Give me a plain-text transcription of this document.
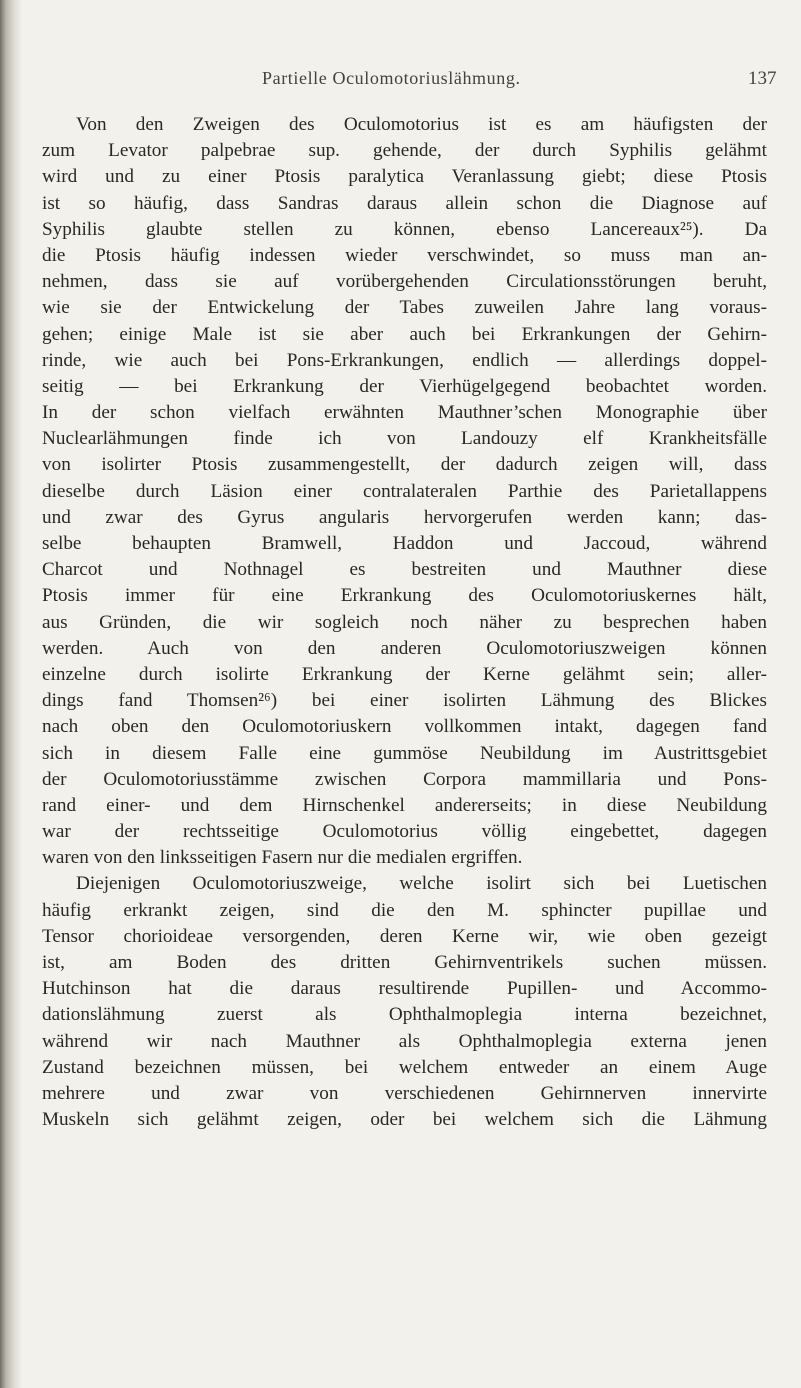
Partielle Oculomotoriuslähmung.	137
Von den Zweigen des Oculomotorius ist es am häufigsten der
zum Levator palpebrae sup. gehende, der durch Syphilis gelähmt
wird und zu einer Ptosis paralytica Veranlassung giebt; diese Ptosis
ist so häufig, dass Sandras daraus allein schon die Diagnose auf
Syphilis glaubte stellen zu können, ebenso Lancereaux²⁵). Da
die Ptosis häufig indessen wieder verschwindet, so muss man an-
nehmen, dass sie auf vorübergehenden Circulationsstörungen beruht,
wie sie der Entwickelung der Tabes zuweilen Jahre lang voraus-
gehen; einige Male ist sie aber auch bei Erkrankungen der Gehirn-
rinde, wie auch bei Pons-Erkrankungen, endlich — allerdings doppel-
seitig — bei Erkrankung der Vierhügelgegend beobachtet worden.
In der schon vielfach erwähnten Mauthner’schen Monographie über
Nuclearlähmungen finde ich von Landouzy elf Krankheitsfälle
von isolirter Ptosis zusammengestellt, der dadurch zeigen will, dass
dieselbe durch Läsion einer contralateralen Parthie des Parietallappens
und zwar des Gyrus angularis hervorgerufen werden kann; das-
selbe behaupten Bramwell, Haddon und Jaccoud, während
Charcot und Nothnagel es bestreiten und Mauthner diese
Ptosis immer für eine Erkrankung des Oculomotoriuskernes hält,
aus Gründen, die wir sogleich noch näher zu besprechen haben
werden. Auch von den anderen Oculomotoriuszweigen können
einzelne durch isolirte Erkrankung der Kerne gelähmt sein; aller-
dings fand Thomsen²⁶) bei einer isolirten Lähmung des Blickes
nach oben den Oculomotoriuskern vollkommen intakt, dagegen fand
sich in diesem Falle eine gummöse Neubildung im Austrittsgebiet
der Oculomotoriusstämme zwischen Corpora mammillaria und Pons-
rand einer- und dem Hirnschenkel andererseits; in diese Neubildung
war der rechtsseitige Oculomotorius völlig eingebettet, dagegen
waren von den linksseitigen Fasern nur die medialen ergriffen.
Diejenigen Oculomotoriuszweige, welche isolirt sich bei Luetischen
häufig erkrankt zeigen, sind die den M. sphincter pupillae und
Tensor chorioideae versorgenden, deren Kerne wir, wie oben gezeigt
ist, am Boden des dritten Gehirnventrikels suchen müssen.
Hutchinson hat die daraus resultirende Pupillen- und Accommo-
dationslähmung zuerst als Ophthalmoplegia interna bezeichnet,
während wir nach Mauthner als Ophthalmoplegia externa jenen
Zustand bezeichnen müssen, bei welchem entweder an einem Auge
mehrere und zwar von verschiedenen Gehirnnerven innervirte
Muskeln sich gelähmt zeigen, oder bei welchem sich die Lähmung
